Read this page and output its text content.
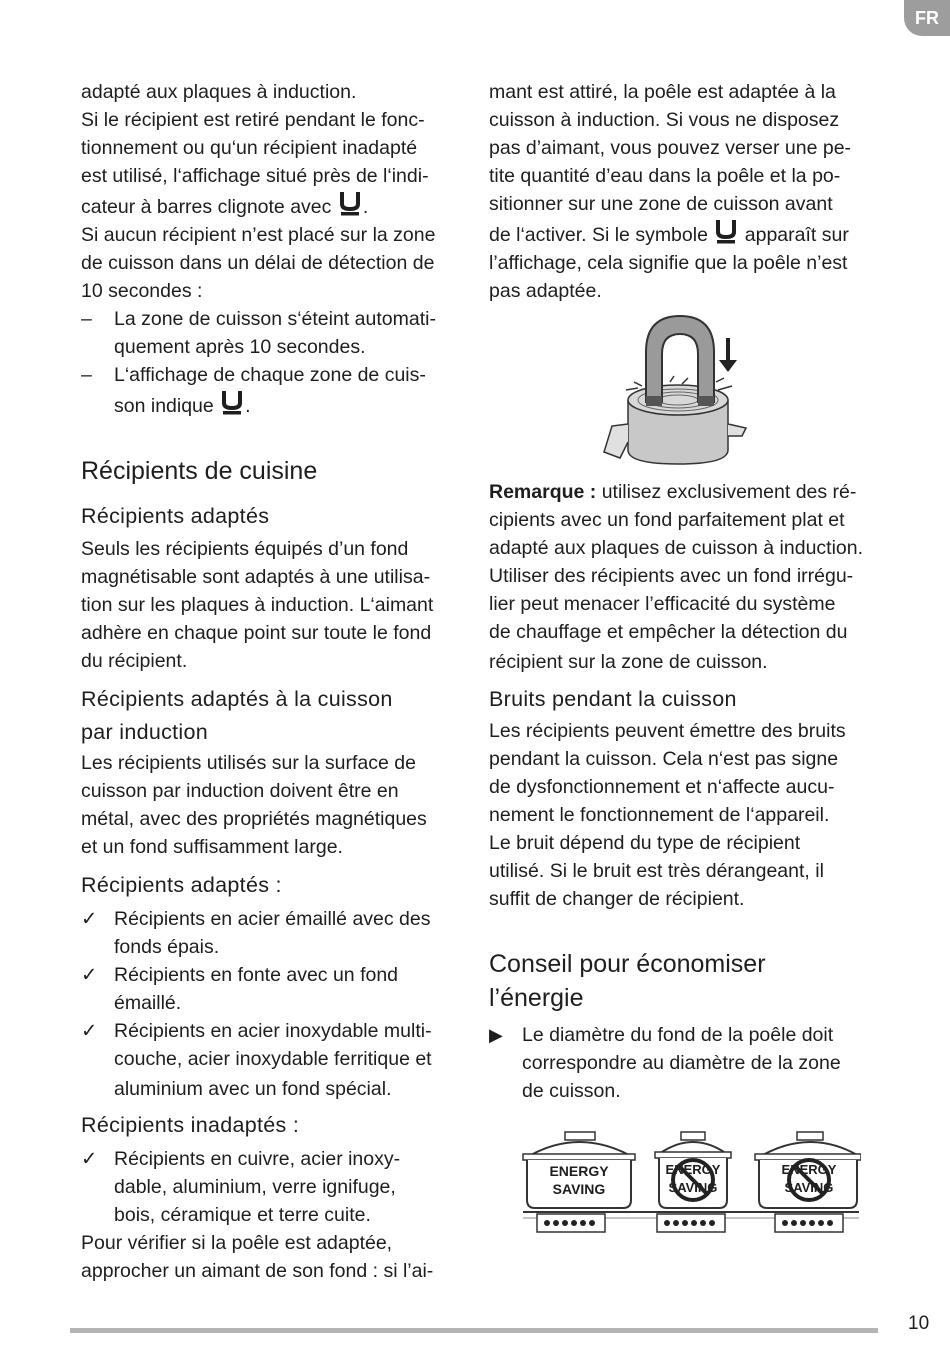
FR

adapté aux plaques à induction.

Si le récipient est retiré pendant le fonc-

tionnement ou qu‘un récipient inadapté

est utilisé, l‘affichage situé près de l‘indi-

cateur à barres clignote avec .

Si aucun récipient n’est placé sur la zone

de cuisson dans un délai de détection de

10 secondes :

–	La zone de cuisson s‘éteint automati-
quement après 10 secondes.
–	L‘affichage de chaque zone de cuis-
son indique .
Récipients de cuisine
Récipients adaptés

Seuls les récipients équipés d’un fond

magnétisable sont adaptés à une utilisa-

tion sur les plaques à induction. L‘aimant

adhère en chaque point sur toute le fond

du récipient.

Récipients adaptés à la cuisson
par induction

Les récipients utilisés sur la surface de

cuisson par induction doivent être en

métal, avec des propriétés magnétiques

et un fond suffisamment large.

Récipients adaptés :
✓ Récipients en acier émaillé avec des
fonds épais.
✓ Récipients en fonte avec un fond
émaillé.
✓ Récipients en acier inoxydable multi-
couche, acier inoxydable ferritique et
aluminium avec un fond spécial.
Récipients inadaptés :
✓ Récipients en cuivre, acier inoxy-
dable, aluminium, verre ignifuge,
bois, céramique et terre cuite.

Pour vérifier si la poêle est adaptée,

approcher un aimant de son fond : si l’ai-

mant est attiré, la poêle est adaptée à la

cuisson à induction. Si vous ne disposez

pas d’aimant, vous pouvez verser une pe-

tite quantité d’eau dans la poêle et la po-

sitionner sur une zone de cuisson avant

de l‘activer. Si le symbole  apparaît sur

l’affichage, cela signifie que la poêle n’est

pas adaptée.

Remarque : utilisez exclusivement des ré-

cipients avec un fond parfaitement plat et

adapté aux plaques de cuisson à induction.

Utiliser des récipients avec un fond irrégu-

lier peut menacer l’efficacité du système

de chauffage et empêcher la détection du

récipient sur la zone de cuisson.

Bruits pendant la cuisson

Les récipients peuvent émettre des bruits

pendant la cuisson. Cela n‘est pas signe

de dysfonctionnement et n‘affecte aucu-

nement le fonctionnement de l‘appareil.

Le bruit dépend du type de récipient

utilisé. Si le bruit est très dérangeant, il

suffit de changer de récipient.

Conseil pour économiser
l’énergie
▶ Le diamètre du fond de la poêle doit
correspondre au diamètre de la zone
de cuisson.
ENERGY
SAVING
ENERGY
SAVING
ENERGY
SAVING
10
